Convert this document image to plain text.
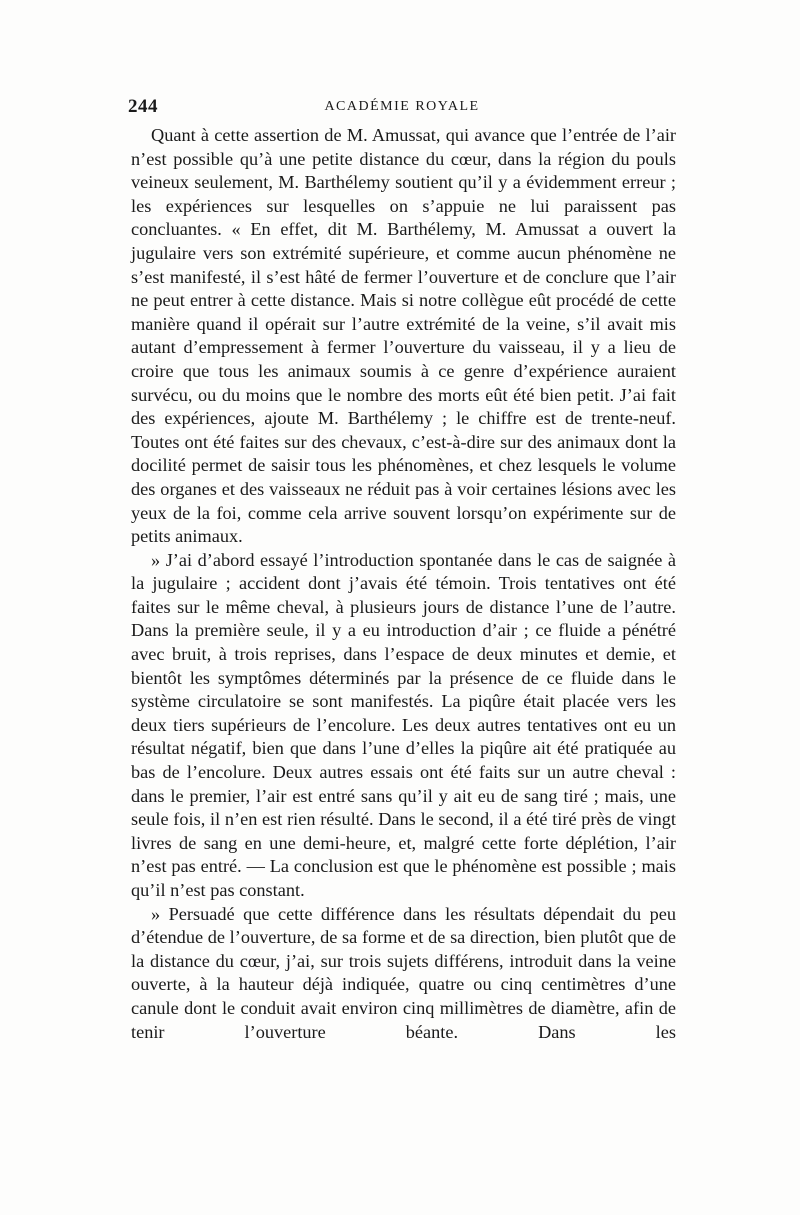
244	ACADÉMIE ROYALE

Quant à cette assertion de M. Amussat, qui avance que l’entrée de l’air n’est possible qu’à une petite distance du cœur, dans la région du pouls veineux seulement, M. Barthélemy soutient qu’il y a évidemment erreur ; les expériences sur lesquelles on s’appuie ne lui paraissent pas concluantes. « En effet, dit M. Barthélemy, M. Amussat a ouvert la jugulaire vers son extrémité supérieure, et comme aucun phénomène ne s’est manifesté, il s’est hâté de fermer l’ouverture et de conclure que l’air ne peut entrer à cette distance. Mais si notre collègue eût procédé de cette manière quand il opérait sur l’autre extrémité de la veine, s’il avait mis autant d’empressement à fermer l’ouverture du vaisseau, il y a lieu de croire que tous les animaux soumis à ce genre d’expérience auraient survécu, ou du moins que le nombre des morts eût été bien petit. J’ai fait des expériences, ajoute M. Barthélemy ; le chiffre est de trente-neuf. Toutes ont été faites sur des chevaux, c’est-à-dire sur des animaux dont la docilité permet de saisir tous les phénomènes, et chez lesquels le volume des organes et des vaisseaux ne réduit pas à voir certaines lésions avec les yeux de la foi, comme cela arrive souvent lorsqu’on expérimente sur de petits animaux.

» J’ai d’abord essayé l’introduction spontanée dans le cas de saignée à la jugulaire ; accident dont j’avais été témoin. Trois tentatives ont été faites sur le même cheval, à plusieurs jours de distance l’une de l’autre. Dans la première seule, il y a eu introduction d’air ; ce fluide a pénétré avec bruit, à trois reprises, dans l’espace de deux minutes et demie, et bientôt les symptômes déterminés par la présence de ce fluide dans le système circulatoire se sont manifestés. La piqûre était placée vers les deux tiers supérieurs de l’encolure. Les deux autres tentatives ont eu un résultat négatif, bien que dans l’une d’elles la piqûre ait été pratiquée au bas de l’encolure. Deux autres essais ont été faits sur un autre cheval : dans le premier, l’air est entré sans qu’il y ait eu de sang tiré ; mais, une seule fois, il n’en est rien résulté. Dans le second, il a été tiré près de vingt livres de sang en une demi-heure, et, malgré cette forte déplétion, l’air n’est pas entré. — La conclusion est que le phénomène est possible ; mais qu’il n’est pas constant.

» Persuadé que cette différence dans les résultats dépendait du peu d’étendue de l’ouverture, de sa forme et de sa direction, bien plutôt que de la distance du cœur, j’ai, sur trois sujets différens, introduit dans la veine ouverte, à la hauteur déjà indiquée, quatre ou cinq centimètres d’une canule dont le conduit avait environ cinq millimètres de diamètre, afin de tenir l’ouverture béante. Dans les
